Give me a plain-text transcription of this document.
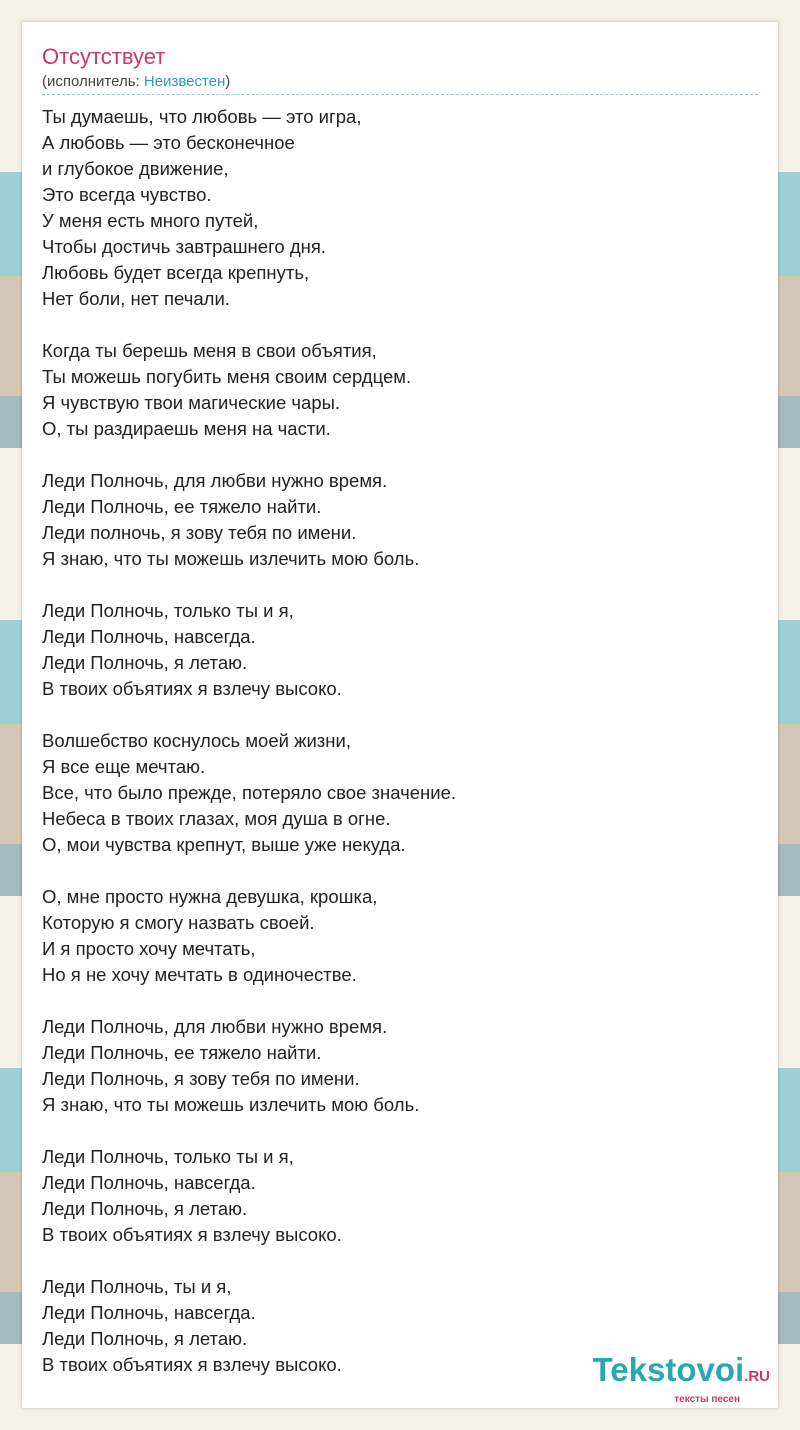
Отсутствует
(исполнитель: Неизвестен)
Ты думаешь, что любовь — это игра,
А любовь — это бесконечное
и глубокое движение,
Это всегда чувство.
У меня есть много путей,
Чтобы достичь завтрашнего дня.
Любовь будет всегда крепнуть,
Нет боли, нет печали.
Когда ты берешь меня в свои объятия,
Ты можешь погубить меня своим сердцем.
Я чувствую твои магические чары.
О, ты раздираешь меня на части.
Леди Полночь, для любви нужно время.
Леди Полночь, ее тяжело найти.
Леди полночь, я зову тебя по имени.
Я знаю, что ты можешь излечить мою боль.
Леди Полночь, только ты и я,
Леди Полночь, навсегда.
Леди Полночь, я летаю.
В твоих объятиях я взлечу высоко.
Волшебство коснулось моей жизни,
Я все еще мечтаю.
Все, что было прежде, потеряло свое значение.
Небеса в твоих глазах, моя душа в огне.
О, мои чувства крепнут, выше уже некуда.
О, мне просто нужна девушка, крошка,
Которую я смогу назвать своей.
И я просто хочу мечтать,
Но я не хочу мечтать в одиночестве.
Леди Полночь, для любви нужно время.
Леди Полночь, ее тяжело найти.
Леди Полночь, я зову тебя по имени.
Я знаю, что ты можешь излечить мою боль.
Леди Полночь, только ты и я,
Леди Полночь, навсегда.
Леди Полночь, я летаю.
В твоих объятиях я взлечу высоко.
Леди Полночь, ты и я,
Леди Полночь, навсегда.
Леди Полночь, я летаю.
В твоих объятиях я взлечу высоко.	Tekstovoi.RU
тексты песен
